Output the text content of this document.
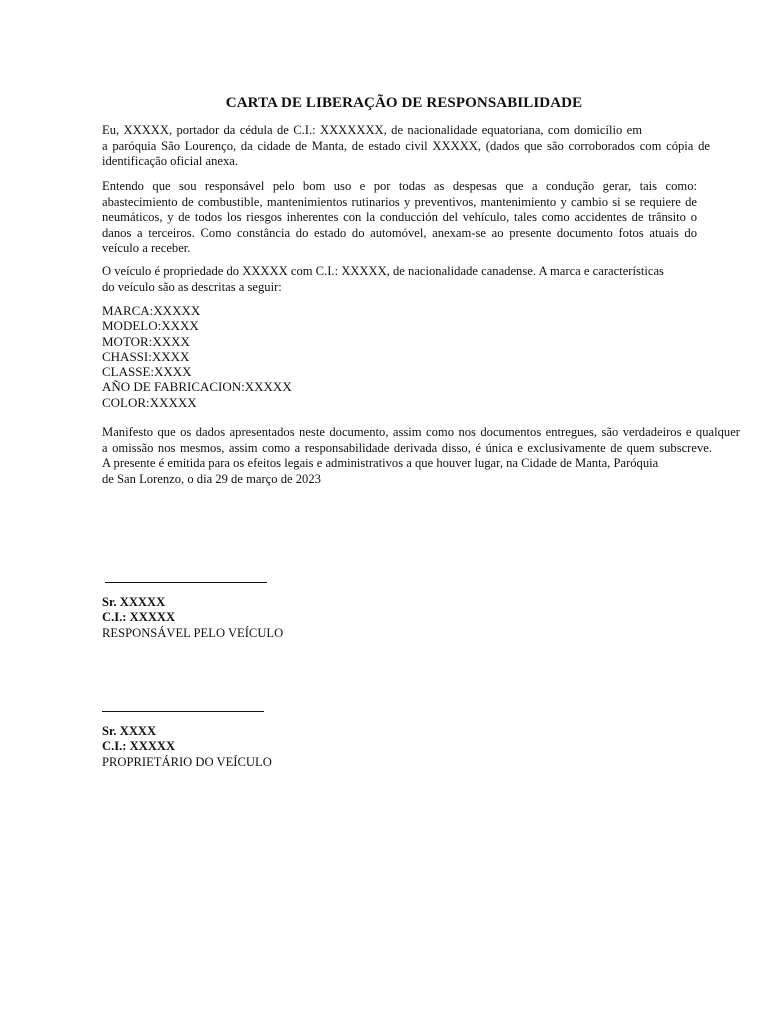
CARTA DE LIBERAÇÃO DE RESPONSABILIDADE
Eu, XXXXX, portador da cédula de C.I.: XXXXXXX, de nacionalidade equatoriana, com domicílio em
a paróquia São Lourenço, da cidade de Manta, de estado civil XXXXX, (dados que são corroborados com cópia de
identificação oficial anexa.
Entendo que sou responsável pelo bom uso e por todas as despesas que a condução gerar, tais como:
abastecimiento de combustible, mantenimientos rutinarios y preventivos, mantenimiento y cambio si se requiere de
neumáticos, y de todos los riesgos inherentes con la conducción del vehículo, tales como accidentes de trânsito o
danos a terceiros. Como constância do estado do automóvel, anexam-se ao presente documento fotos atuais do
veículo a receber.
O veículo é propriedade do XXXXX com C.I.: XXXXX, de nacionalidade canadense. A marca e características
do veículo são as descritas a seguir:
MARCA:XXXXX
MODELO:XXXX
MOTOR:XXXX
CHASSI:XXXX
CLASSE:XXXX
AÑO DE FABRICACION:XXXXX
COLOR:XXXXX
Manifesto que os dados apresentados neste documento, assim como nos documentos entregues, são verdadeiros e qualquer
a omissão nos mesmos, assim como a responsabilidade derivada disso, é única e exclusivamente de quem subscreve.
A presente é emitida para os efeitos legais e administrativos a que houver lugar, na Cidade de Manta, Paróquia
de San Lorenzo, o dia 29 de março de 2023
Sr. XXXXX
C.I.: XXXXX
RESPONSÁVEL PELO VEÍCULO
Sr. XXXX
C.I.: XXXXX
PROPRIETÁRIO DO VEÍCULO
